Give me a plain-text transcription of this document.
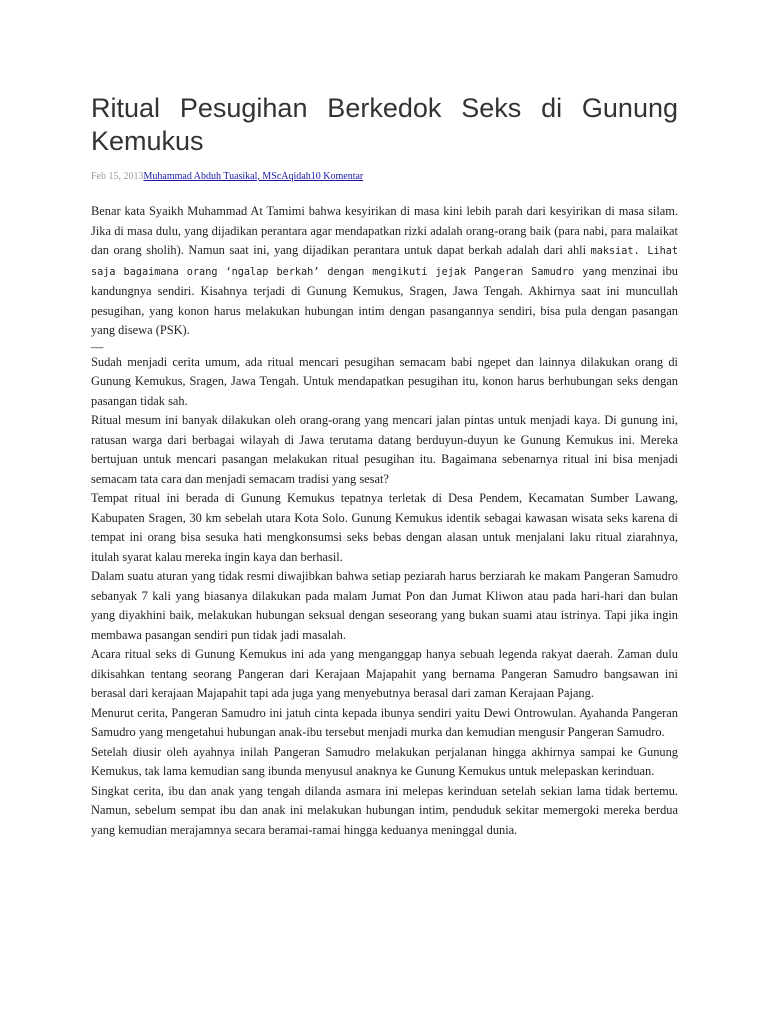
Ritual Pesugihan Berkedok Seks di Gunung Kemukus
Feb 15, 2013Muhammad Abduh Tuasikal, MScAqidah10 Komentar

Benar kata Syaikh Muhammad At Tamimi bahwa kesyirikan di masa kini lebih parah dari kesyirikan di masa silam. Jika di masa dulu, yang dijadikan perantara agar mendapatkan rizki adalah orang-orang baik (para nabi, para malaikat dan orang sholih). Namun saat ini, yang dijadikan perantara untuk dapat berkah adalah dari ahli maksiat. Lihat saja bagaimana orang ‘ngalap berkah’ dengan mengikuti jejak Pangeran Samudro yang menzinai ibu kandungnya sendiri. Kisahnya terjadi di Gunung Kemukus, Sragen, Jawa Tengah. Akhirnya saat ini muncullah pesugihan, yang konon harus melakukan hubungan intim dengan pasangannya sendiri, bisa pula dengan pasangan yang disewa (PSK).

—

Sudah menjadi cerita umum, ada ritual mencari pesugihan semacam babi ngepet dan lainnya dilakukan orang di Gunung Kemukus, Sragen, Jawa Tengah. Untuk mendapatkan pesugihan itu, konon harus berhubungan seks dengan pasangan tidak sah.

Ritual mesum ini banyak dilakukan oleh orang-orang yang mencari jalan pintas untuk menjadi kaya. Di gunung ini, ratusan warga dari berbagai wilayah di Jawa terutama datang berduyun-duyun ke Gunung Kemukus ini. Mereka bertujuan untuk mencari pasangan melakukan ritual pesugihan itu. Bagaimana sebenarnya ritual ini bisa menjadi semacam tata cara dan menjadi semacam tradisi yang sesat?

Tempat ritual ini berada di Gunung Kemukus tepatnya terletak di Desa Pendem, Kecamatan Sumber Lawang, Kabupaten Sragen, 30 km sebelah utara Kota Solo. Gunung Kemukus identik sebagai kawasan wisata seks karena di tempat ini orang bisa sesuka hati mengkonsumsi seks bebas dengan alasan untuk menjalani laku ritual ziarahnya, itulah syarat kalau mereka ingin kaya dan berhasil.

Dalam suatu aturan yang tidak resmi diwajibkan bahwa setiap peziarah harus berziarah ke makam Pangeran Samudro sebanyak 7 kali yang biasanya dilakukan pada malam Jumat Pon dan Jumat Kliwon atau pada hari-hari dan bulan yang diyakhini baik, melakukan hubungan seksual dengan seseorang yang bukan suami atau istrinya. Tapi jika ingin membawa pasangan sendiri pun tidak jadi masalah.

Acara ritual seks di Gunung Kemukus ini ada yang menganggap hanya sebuah legenda rakyat daerah. Zaman dulu dikisahkan tentang seorang Pangeran dari Kerajaan Majapahit yang bernama Pangeran Samudro bangsawan ini berasal dari kerajaan Majapahit tapi ada juga yang menyebutnya berasal dari zaman Kerajaan Pajang.

Menurut cerita, Pangeran Samudro ini jatuh cinta kepada ibunya sendiri yaitu Dewi Ontrowulan. Ayahanda Pangeran Samudro yang mengetahui hubungan anak-ibu tersebut menjadi murka dan kemudian mengusir Pangeran Samudro.

Setelah diusir oleh ayahnya inilah Pangeran Samudro melakukan perjalanan hingga akhirnya sampai ke Gunung Kemukus, tak lama kemudian sang ibunda menyusul anaknya ke Gunung Kemukus untuk melepaskan kerinduan.

Singkat cerita, ibu dan anak yang tengah dilanda asmara ini melepas kerinduan setelah sekian lama tidak bertemu. Namun, sebelum sempat ibu dan anak ini melakukan hubungan intim, penduduk sekitar memergoki mereka berdua yang kemudian merajamnya secara beramai-ramai hingga keduanya meninggal dunia.
